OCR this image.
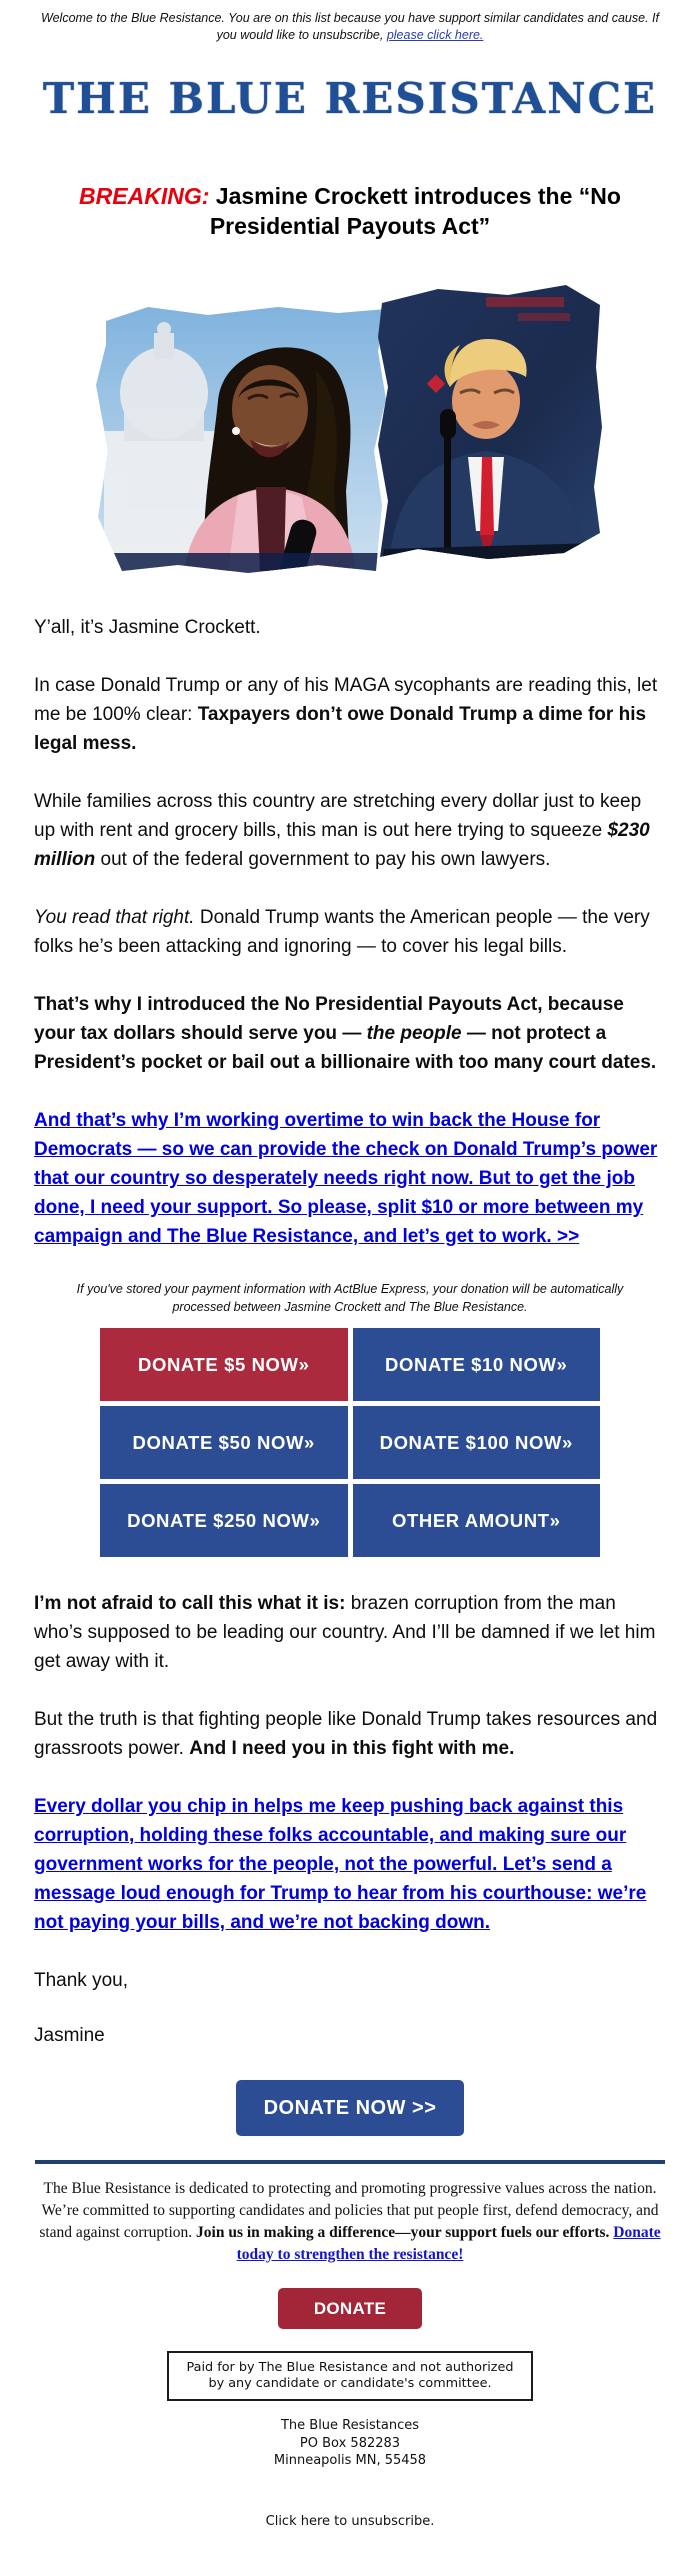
Welcome to the Blue Resistance. You are on this list because you have support similar candidates and cause. If you would like to unsubscribe, please click here.
THE BLUE RESISTANCE
BREAKING: Jasmine Crockett introduces the “No Presidential Payouts Act”

Y’all, it’s Jasmine Crockett.

In case Donald Trump or any of his MAGA sycophants are reading this, let me be 100% clear: Taxpayers don’t owe Donald Trump a dime for his legal mess.

While families across this country are stretching every dollar just to keep up with rent and grocery bills, this man is out here trying to squeeze $230 million out of the federal government to pay his own lawyers.

You read that right. Donald Trump wants the American people — the very folks he’s been attacking and ignoring — to cover his legal bills.

That’s why I introduced the No Presidential Payouts Act, because your tax dollars should serve you — the people — not protect a President’s pocket or bail out a billionaire with too many court dates.

And that’s why I’m working overtime to win back the House for Democrats — so we can provide the check on Donald Trump’s power that our country so desperately needs right now. But to get the job done, I need your support. So please, split $10 or more between my campaign and The Blue Resistance, and let’s get to work. >>

If you've stored your payment information with ActBlue Express, your donation will be automatically processed between Jasmine Crockett and The Blue Resistance.
DONATE $5 NOW»	DONATE $10 NOW»
DONATE $50 NOW»	DONATE $100 NOW»
DONATE $250 NOW»	OTHER AMOUNT»

I’m not afraid to call this what it is: brazen corruption from the man who’s supposed to be leading our country. And I’ll be damned if we let him get away with it.

But the truth is that fighting people like Donald Trump takes resources and grassroots power. And I need you in this fight with me.

Every dollar you chip in helps me keep pushing back against this corruption, holding these folks accountable, and making sure our government works for the people, not the powerful. Let’s send a message loud enough for Trump to hear from his courthouse: we’re not paying your bills, and we’re not backing down.

Thank you,

Jasmine

DONATE NOW >>
The Blue Resistance is dedicated to protecting and promoting progressive values across the nation. We’re committed to supporting candidates and policies that put people first, defend democracy, and stand against corruption. Join us in making a difference—your support fuels our efforts. Donate today to strengthen the resistance!
DONATE
Paid for by The Blue Resistance and not authorized by any candidate or candidate's committee.
The Blue Resistances
PO Box 582283
Minneapolis MN, 55458
Click here to unsubscribe.
